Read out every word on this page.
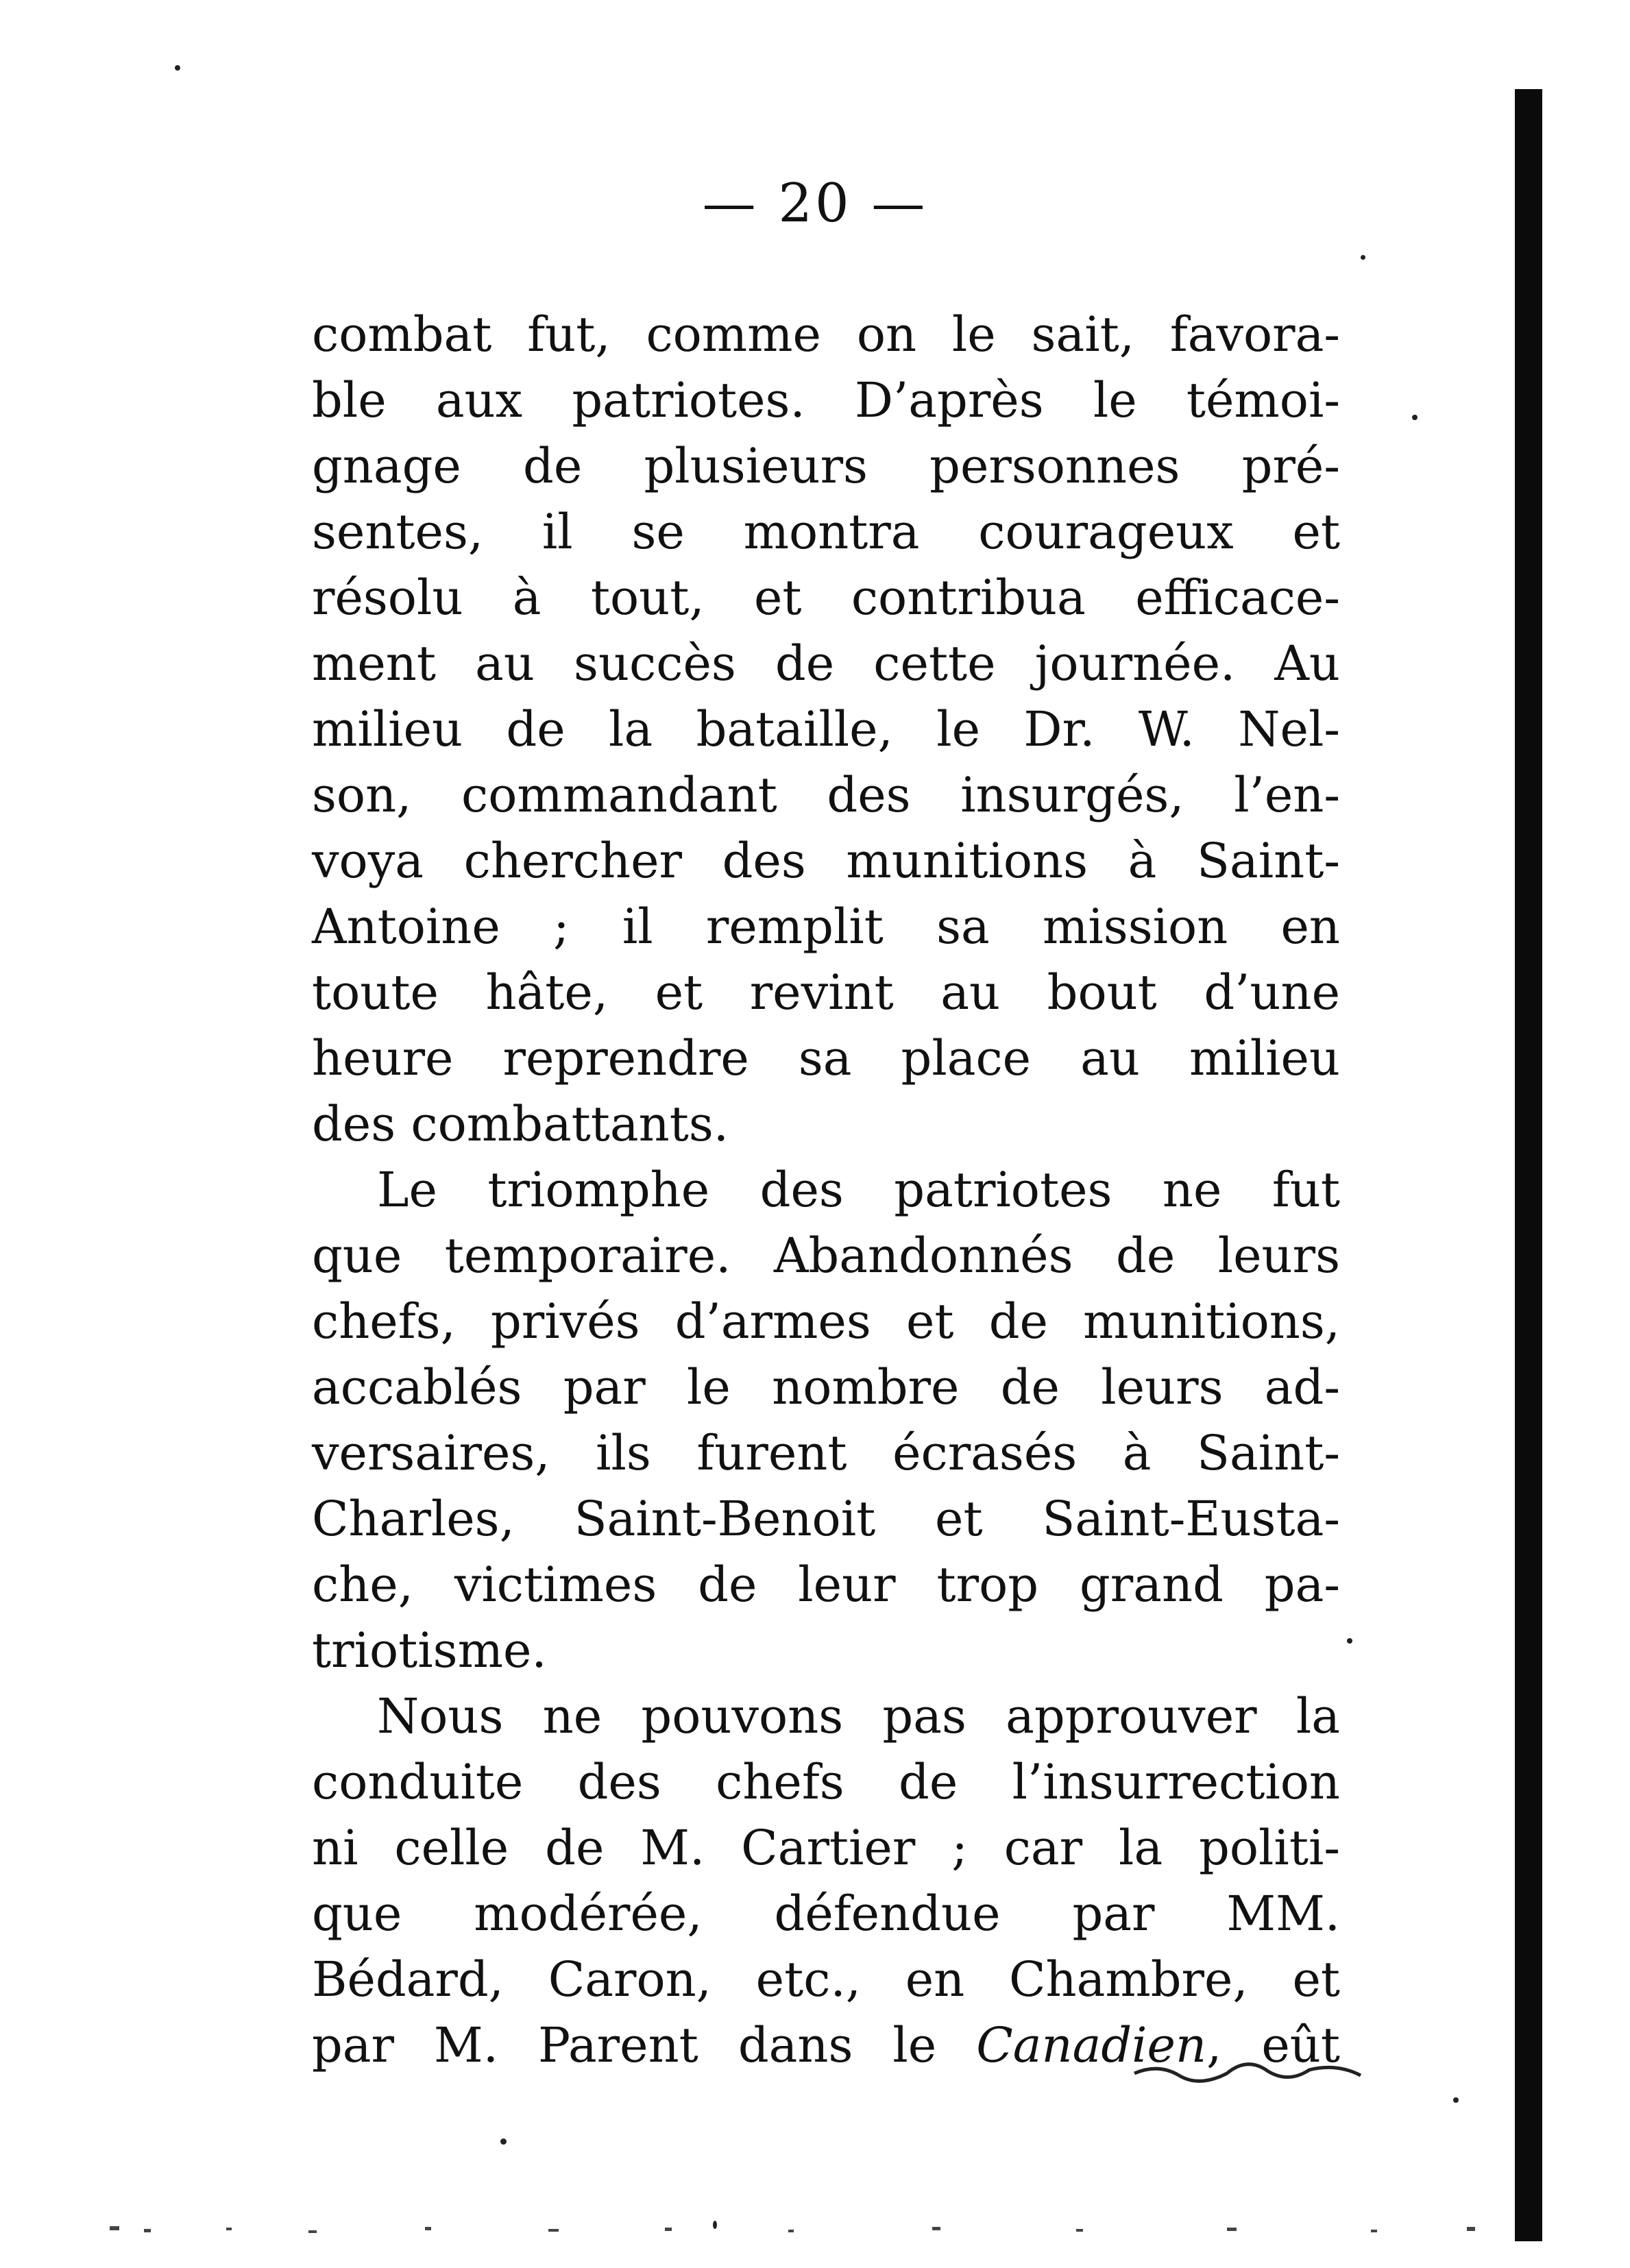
— 20 —
combat fut, comme on le sait, favora-
ble aux patriotes. D’après le témoi-
gnage de plusieurs personnes pré-
sentes, il se montra courageux et
résolu à tout, et contribua efficace-
ment au succès de cette journée. Au
milieu de la bataille, le Dr. W. Nel-
son, commandant des insurgés, l’en-
voya chercher des munitions à Saint-
Antoine ; il remplit sa mission en
toute hâte, et revint au bout d’une
heure reprendre sa place au milieu
des combattants.
Le triomphe des patriotes ne fut
que temporaire. Abandonnés de leurs
chefs, privés d’armes et de munitions,
accablés par le nombre de leurs ad-
versaires, ils furent écrasés à Saint-
Charles, Saint-Benoit et Saint-Eusta-
che, victimes de leur trop grand pa-
triotisme.
Nous ne pouvons pas approuver la
conduite des chefs de l’insurrection
ni celle de M. Cartier ; car la politi-
que modérée, défendue par MM.
Bédard, Caron, etc., en Chambre, et
par M. Parent dans le Canadien, eût
